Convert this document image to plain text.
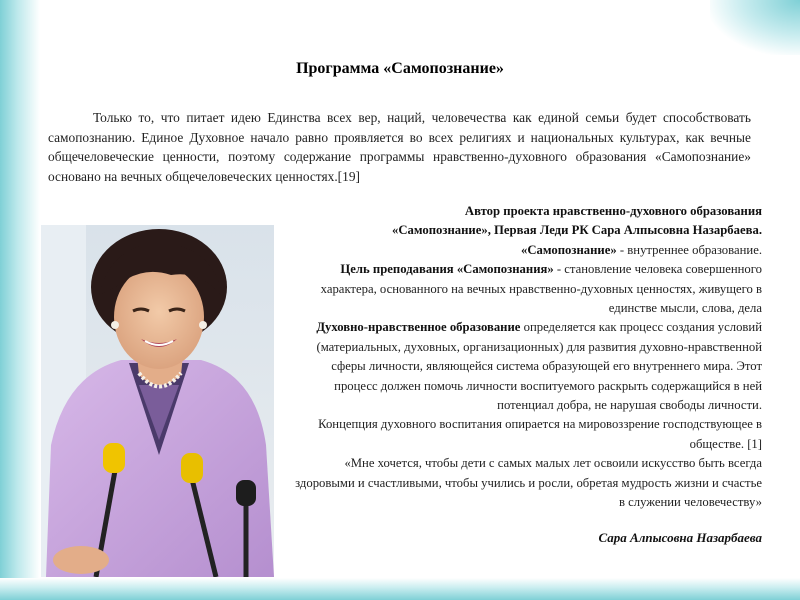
Программа «Самопознание»
Только то, что питает идею Единства всех вер, наций, человечества как единой семьи будет способствовать самопознанию. Единое Духовное начало равно проявляется во всех религиях и национальных культурах, как вечные общечеловеческие ценности, поэтому содержание программы нравственно-духовного образования «Самопознание» основано на вечных общечеловеческих ценностях.[19]

Автор проекта нравственно-духовного образования

«Самопознание», Первая Леди РК Сара Алпысовна Назарбаева.

«Самопознание» - внутреннее образование.

Цель преподавания «Самопознания» - становление человека совершенного характера, основанного на вечных нравственно-духовных ценностях, живущего в единстве мысли, слова, дела

Духовно-нравственное образование определяется как процесс создания условий (материальных, духовных, организационных) для развития духовно-нравственной сферы личности, являющейся система образующей его внутреннего мира. Этот процесс должен помочь личности воспитуемого раскрыть содержащийся в ней потенциал добра, не нарушая свободы личности.

Концепция духовного воспитания опирается на мировоззрение господствующее в обществе. [1]

«Мне хочется, чтобы дети с самых малых лет освоили искусство быть всегда здоровыми и счастливыми, чтобы учились и росли, обретая мудрость жизни и счастье в служении человечеству»

Сара Алпысовна Назарбаева
